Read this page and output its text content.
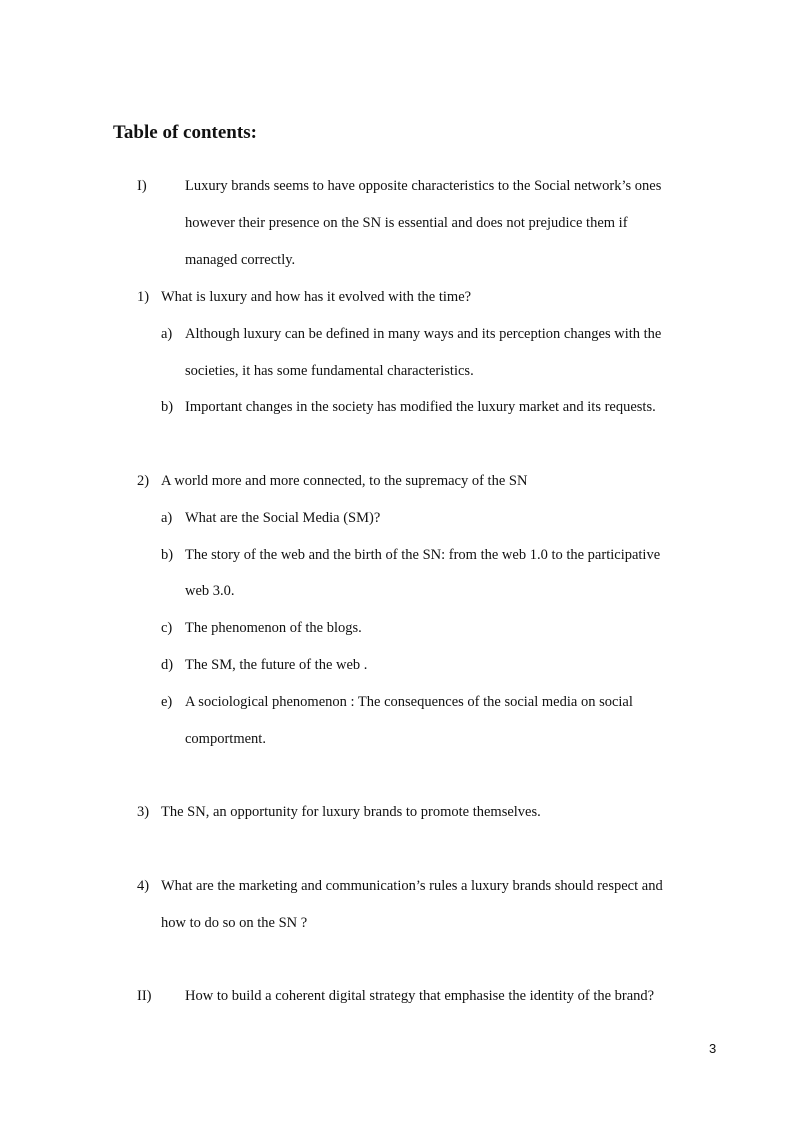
Table of contents:
I)	Luxury brands seems to have opposite characteristics to the Social network’s ones
however their presence on the SN is essential and does not prejudice them if
managed correctly.
1) What is luxury and how has it evolved with the time?
a) Although luxury can be defined in many ways and its perception changes with the
societies, it has some fundamental characteristics.
b) Important changes in the society has modified the luxury market and its requests.
2) A world more and more connected, to the supremacy of the SN
a) What are the Social Media (SM)?
b) The story of the web and the birth of the SN: from the web 1.0 to the participative
web 3.0.
c) The phenomenon of the blogs.
d) The SM, the future of the web .
e) A sociological phenomenon : The consequences of the social media on social
comportment.
3) The SN, an opportunity for luxury brands to promote themselves.
4) What are the marketing and communication’s rules a luxury brands should respect and
how to do so on the SN ?
II) How to build a coherent digital strategy that emphasise the identity of the brand?
3
